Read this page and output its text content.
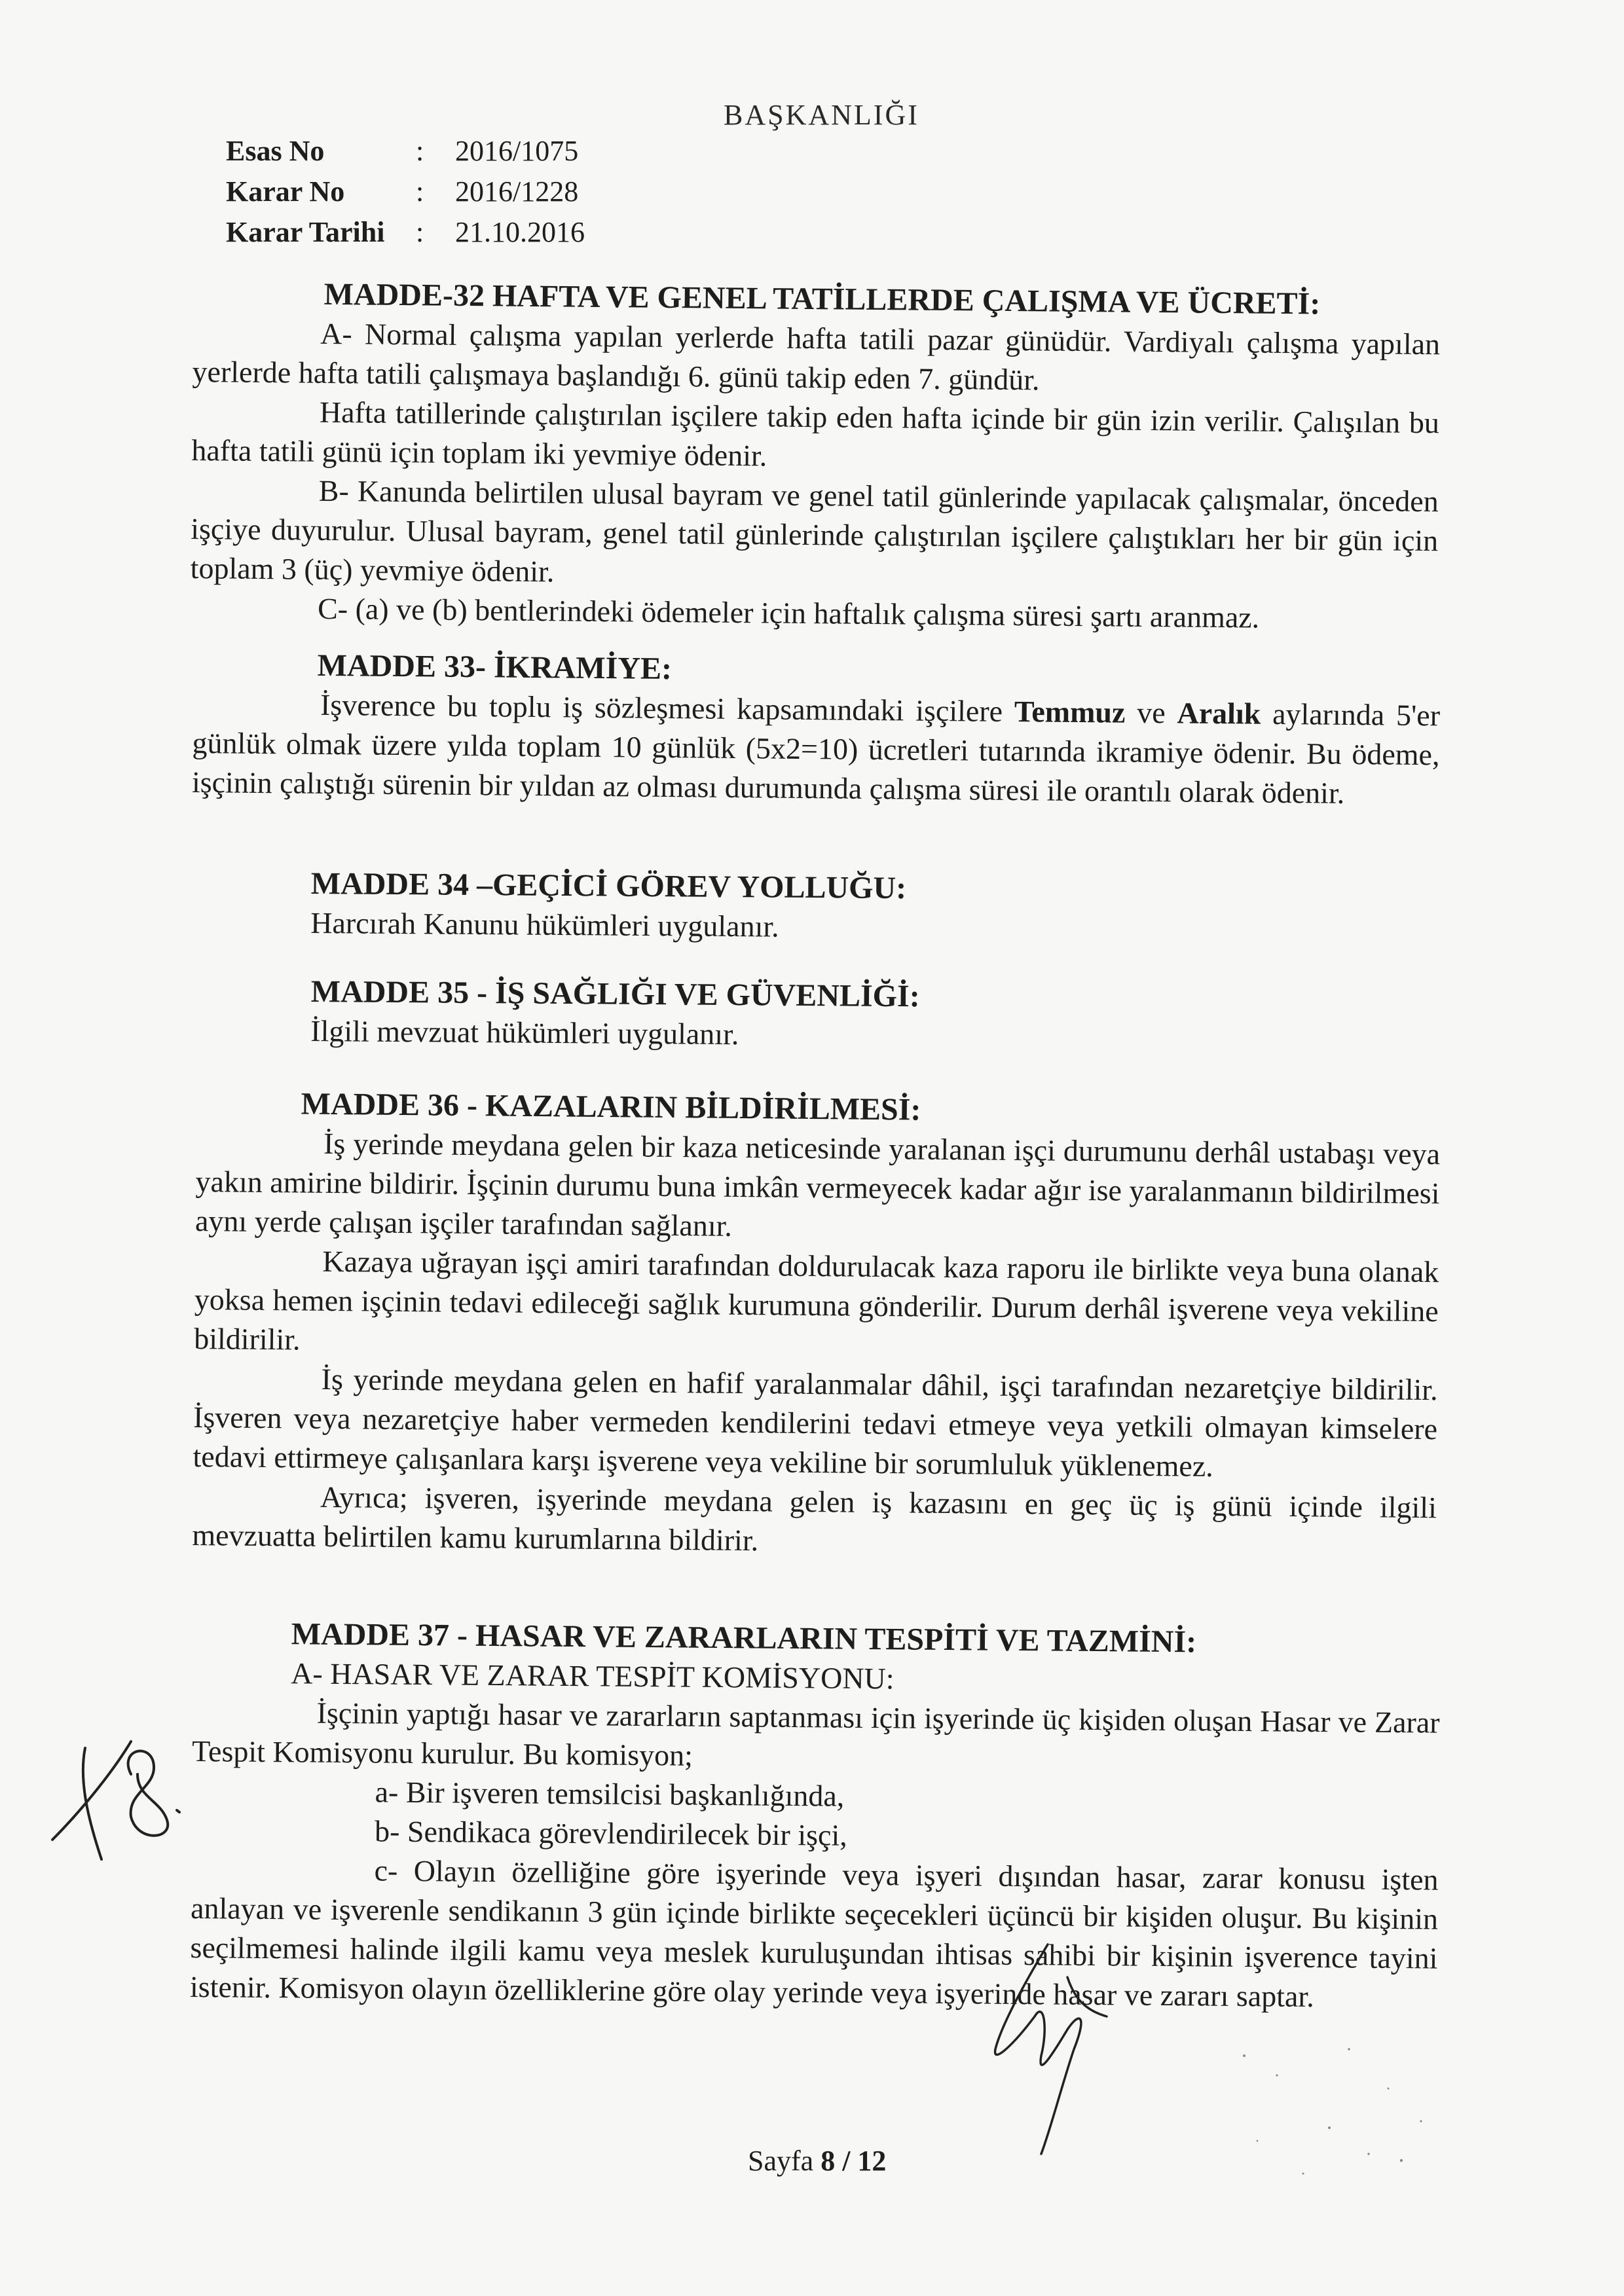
BAŞKANLIĞI
Esas No	:	2016/1075
Karar No	:	2016/1228
Karar Tarihi	:	21.10.2016

MADDE-32 HAFTA VE GENEL TATİLLERDE ÇALIŞMA VE ÜCRETİ:

A- Normal çalışma yapılan yerlerde hafta tatili pazar günüdür. Vardiyalı çalışma yapılan yerlerde hafta tatili çalışmaya başlandığı 6. günü takip eden 7. gündür.

Hafta tatillerinde çalıştırılan işçilere takip eden hafta içinde bir gün izin verilir. Çalışılan bu hafta tatili günü için toplam iki yevmiye ödenir.

B- Kanunda belirtilen ulusal bayram ve genel tatil günlerinde yapılacak çalışmalar, önceden işçiye duyurulur. Ulusal bayram, genel tatil günlerinde çalıştırılan işçilere çalıştıkları her bir gün için toplam 3 (üç) yevmiye ödenir.

C- (a) ve (b) bentlerindeki ödemeler için haftalık çalışma süresi şartı aranmaz.

MADDE 33- İKRAMİYE:

İşverence bu toplu iş sözleşmesi kapsamındaki işçilere Temmuz ve Aralık aylarında 5'er günlük olmak üzere yılda toplam 10 günlük (5x2=10) ücretleri tutarında ikramiye ödenir. Bu ödeme, işçinin çalıştığı sürenin bir yıldan az olması durumunda çalışma süresi ile orantılı olarak ödenir.

MADDE 34 –GEÇİCİ GÖREV YOLLUĞU:

Harcırah Kanunu hükümleri uygulanır.

MADDE 35 - İŞ SAĞLIĞI VE GÜVENLİĞİ:

İlgili mevzuat hükümleri uygulanır.

MADDE 36 - KAZALARIN BİLDİRİLMESİ:

İş yerinde meydana gelen bir kaza neticesinde yaralanan işçi durumunu derhâl ustabaşı veya yakın amirine bildirir. İşçinin durumu buna imkân vermeyecek kadar ağır ise yaralanmanın bildirilmesi aynı yerde çalışan işçiler tarafından sağlanır.

Kazaya uğrayan işçi amiri tarafından doldurulacak kaza raporu ile birlikte veya buna olanak yoksa hemen işçinin tedavi edileceği sağlık kurumuna gönderilir. Durum derhâl işverene veya vekiline bildirilir.

İş yerinde meydana gelen en hafif yaralanmalar dâhil, işçi tarafından nezaretçiye bildirilir. İşveren veya nezaretçiye haber vermeden kendilerini tedavi etmeye veya yetkili olmayan kimselere tedavi ettirmeye çalışanlara karşı işverene veya vekiline bir sorumluluk yüklenemez.

Ayrıca; işveren, işyerinde meydana gelen iş kazasını en geç üç iş günü içinde ilgili mevzuatta belirtilen kamu kurumlarına bildirir.

MADDE 37 - HASAR VE ZARARLARIN TESPİTİ VE TAZMİNİ:

A- HASAR VE ZARAR TESPİT KOMİSYONU:

İşçinin yaptığı hasar ve zararların saptanması için işyerinde üç kişiden oluşan Hasar ve Zarar Tespit Komisyonu kurulur. Bu komisyon;

a- Bir işveren temsilcisi başkanlığında,

b- Sendikaca görevlendirilecek bir işçi,

c- Olayın özelliğine göre işyerinde veya işyeri dışından hasar, zarar konusu işten anlayan ve işverenle sendikanın 3 gün içinde birlikte seçecekleri üçüncü bir kişiden oluşur. Bu kişinin seçilmemesi halinde ilgili kamu veya meslek kuruluşundan ihtisas sahibi bir kişinin işverence tayini istenir. Komisyon olayın özelliklerine göre olay yerinde veya işyerinde hasar ve zararı saptar.

Sayfa 8 / 12
